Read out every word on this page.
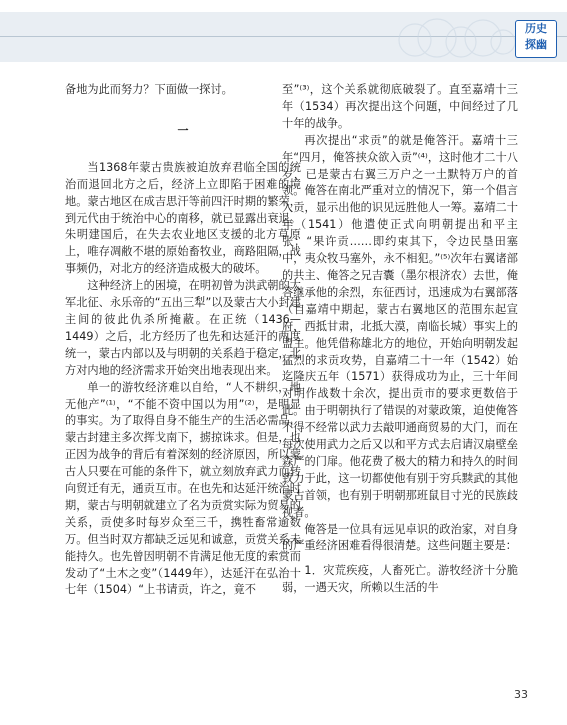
历史
探幽

备地为此而努力？下面做一探讨。

一

当1368年蒙古贵族被迫放弃君临全国的统治而退回北方之后，经济上立即陷于困难的境地。蒙古地区在成吉思汗等前四汗时期的繁荣，到元代由于统治中心的南移，就已显露出衰退。朱明建国后，在失去农业地区支援的北方草原上，唯存凋敝不堪的原始畜牧业，商路阻隔，战事频仍，对北方的经济造成极大的破坏。

这种经济上的困境，在明初曾为洪武朝的大军北征、永乐帝的“五出三犁”以及蒙古大小封建主间的彼此仇杀所掩蔽。在正统（1436—1449）之后，北方经历了也先和达延汗的两度统一，蒙古内部以及与明朝的关系趋于稳定，北方对内地的经济需求开始突出地表现出来。

单一的游牧经济难以自给，“人不耕织，地无他产”⁽¹⁾，“不能不资中国以为用”⁽²⁾，是明显的事实。为了取得自身不能生产的生活必需品，蒙古封建主多次挥戈南下，掳掠诛求。但是，也正因为战争的背后有着深刻的经济原因，所以蒙古人只要在可能的条件下，就立刻放弃武力而转向贸迁有无，通贡互市。在也先和达延汗统治时期，蒙古与明朝就建立了名为贡赏实际为贸易的关系，贡使多时每岁众至三千，携牲畜常逾数万。但当时双方都缺乏远见和诚意，贡赏关系未能持久。也先曾因明朝不肯满足他无度的索赏而发动了“土木之变”（1449年），达延汗在弘治十七年（1504）“上书请贡，许之，竟不

至”⁽³⁾，这个关系就彻底破裂了。直至嘉靖十三年（1534）再次提出这个问题，中间经过了几十年的战争。

再次提出“求贡”的就是俺答汗。嘉靖十三年“四月，俺答挟众欲入贡”⁽⁴⁾，这时他才二十八岁，已是蒙古右翼三万户之一土默特万户的首领。俺答在南北严重对立的情况下，第一个倡言入贡，显示出他的识见远胜他人一筹。嘉靖二十年（1541）他遣使正式向明朝提出和平主张：“果许贡……即约束其下，令边民垦田塞中，夷众牧马塞外，永不相犯。”⁽⁵⁾次年右翼诸部的共主、俺答之兄吉囊（墨尔根济农）去世，俺答继承他的余烈，东征西讨，迅速成为右翼部落（自嘉靖中期起，蒙古右翼地区的范围东起宣府，西抵甘肃，北抵大漠，南临长城）事实上的盟主。他凭借称雄北方的地位，开始向明朝发起猛烈的求贡攻势，自嘉靖二十一年（1542）始迄隆庆五年（1571）获得成功为止，三十年间对明作战数十余次，提出贡市的要求更数倍于此。由于明朝执行了错误的对蒙政策，迫使俺答不得不经常以武力去敲叩通商贸易的大门，而在每次使用武力之后又以和平方式去启请汉扇壁垒森严的门扉。他花费了极大的精力和持久的时间致力于此，这一切都使他有别于穷兵黩武的其他蒙古首领，也有别于明朝那班鼠目寸光的民族歧视者。

俺答是一位具有远见卓识的政治家，对自身的严重经济困难看得很清楚。这些问题主要是：

1．灾荒疾疫，人畜死亡。游牧经济十分脆弱，一遇天灾，所赖以生活的牛

33
